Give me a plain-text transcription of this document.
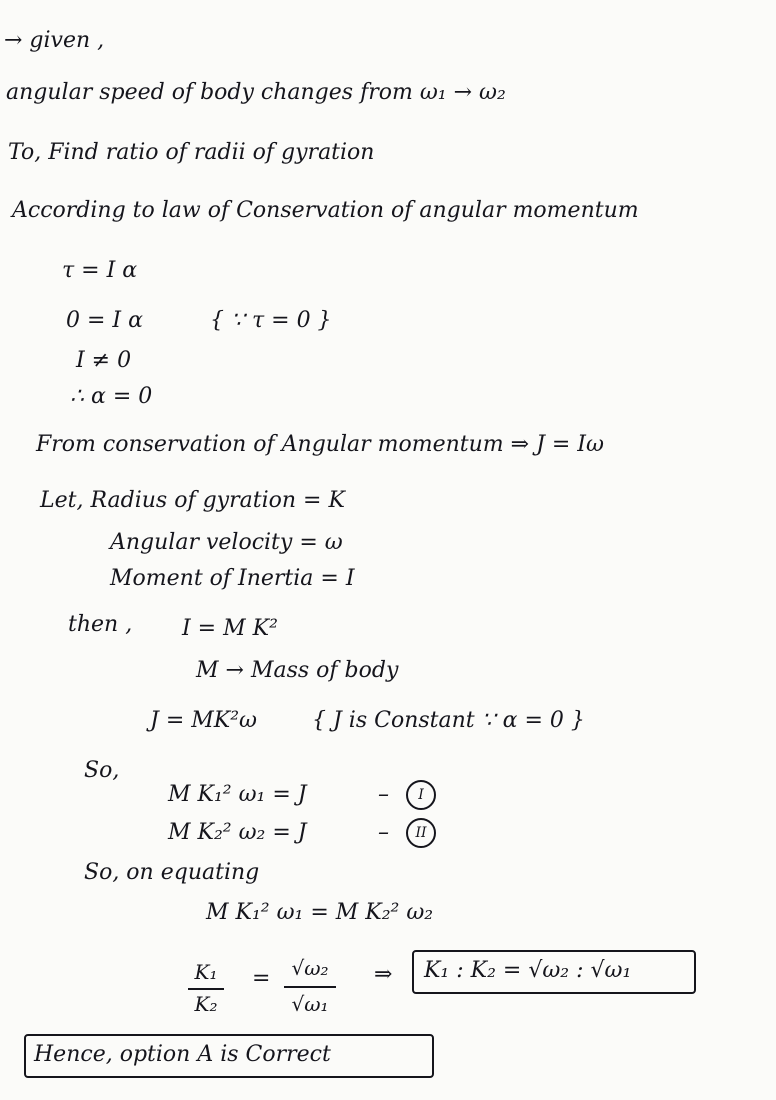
→ given ,
angular speed of body changes from ω₁ → ω₂
To, Find ratio of radii of gyration
According to law of Conservation of angular momentum
τ = I α
0 = I α	{ ∵ τ = 0 }
I ≠ 0
∴ α = 0
From conservation of Angular momentum ⇒ J = Iω
Let, Radius of gyration = K
Angular velocity = ω
Moment of Inertia = I
then , I = M K²
M → Mass of body
J = MK²ω	{ J is Constant ∵ α = 0 }
So,
M K₁² ω₁ = J	–	I
M K₂² ω₂ = J	–	II
So, on equating
M K₁² ω₁ = M K₂² ω₂
K₁
K₂
=	√ω₂
√ω₁
⇒ K₁ : K₂ = √ω₂ : √ω₁
Hence, option A is Correct
